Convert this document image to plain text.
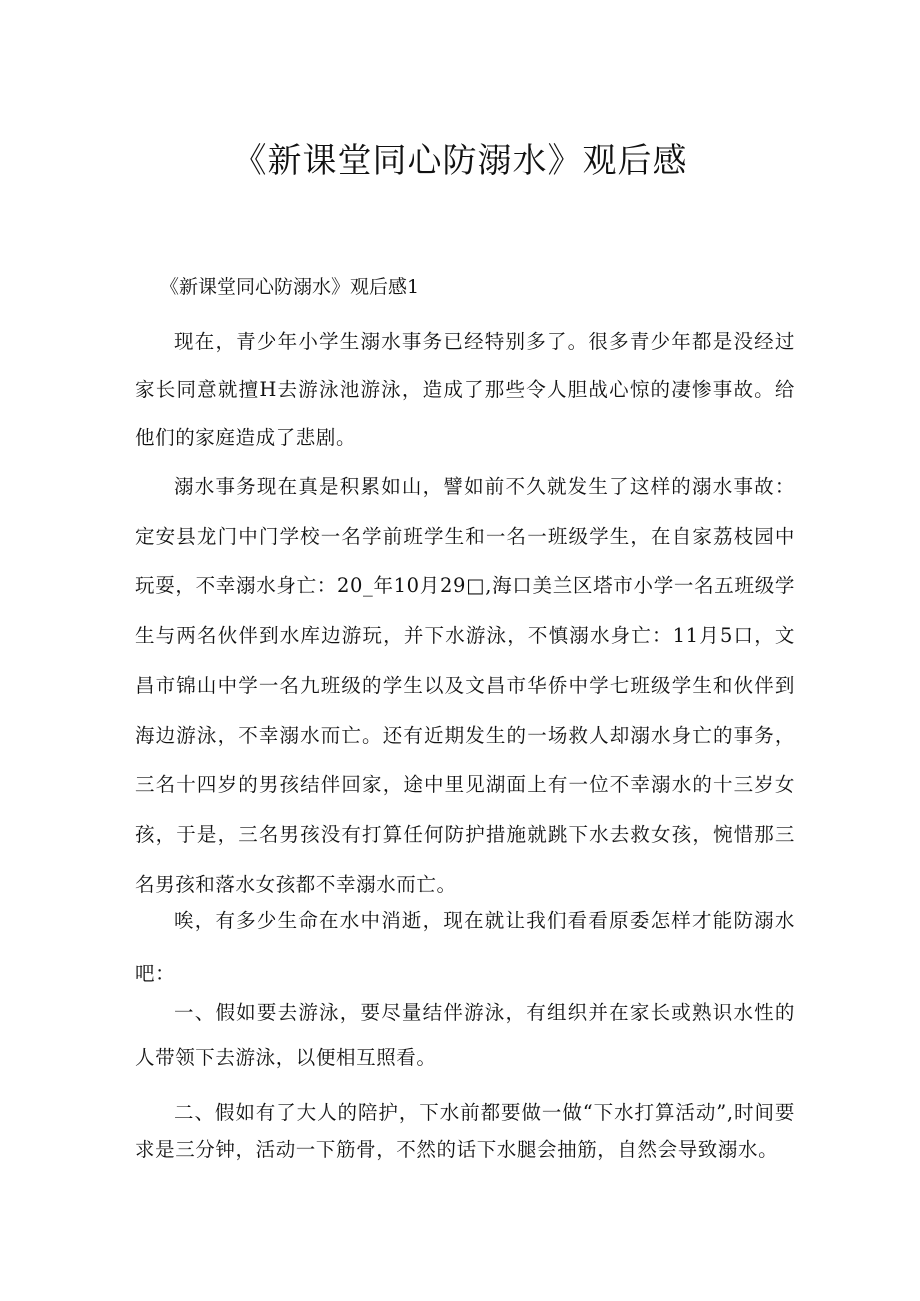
《新课堂同心防溺水》观后感

《新课堂同心防溺水》观后感1

现在，青少年小学生溺水事务已经特别多了。很多青少年都是没经过家长同意就擅H去游泳池游泳，造成了那些令人胆战心惊的凄惨事故。给他们的家庭造成了悲剧。

溺水事务现在真是积累如山，譬如前不久就发生了这样的溺水事故：定安县龙门中门学校一名学前班学生和一名一班级学生，在自家荔枝园中玩耍，不幸溺水身亡：20_年10月29□,海口美兰区塔市小学一名五班级学生与两名伙伴到水库边游玩，并下水游泳，不慎溺水身亡：11月5口，文昌市锦山中学一名九班级的学生以及文昌市华侨中学七班级学生和伙伴到海边游泳，不幸溺水而亡。还有近期发生的一场救人却溺水身亡的事务，三名十四岁的男孩结伴回家，途中里见湖面上有一位不幸溺水的十三岁女孩，于是，三名男孩没有打算任何防护措施就跳下水去救女孩，惋惜那三名男孩和落水女孩都不幸溺水而亡。

唉，有多少生命在水中消逝，现在就让我们看看原委怎样才能防溺水吧：

一、假如要去游泳，要尽量结伴游泳，有组织并在家长或熟识水性的人带领下去游泳，以便相互照看。

二、假如有了大人的陪护，下水前都要做一做“下水打算活动”,时间要求是三分钟，活动一下筋骨，不然的话下水腿会抽筋，自然会导致溺水。
